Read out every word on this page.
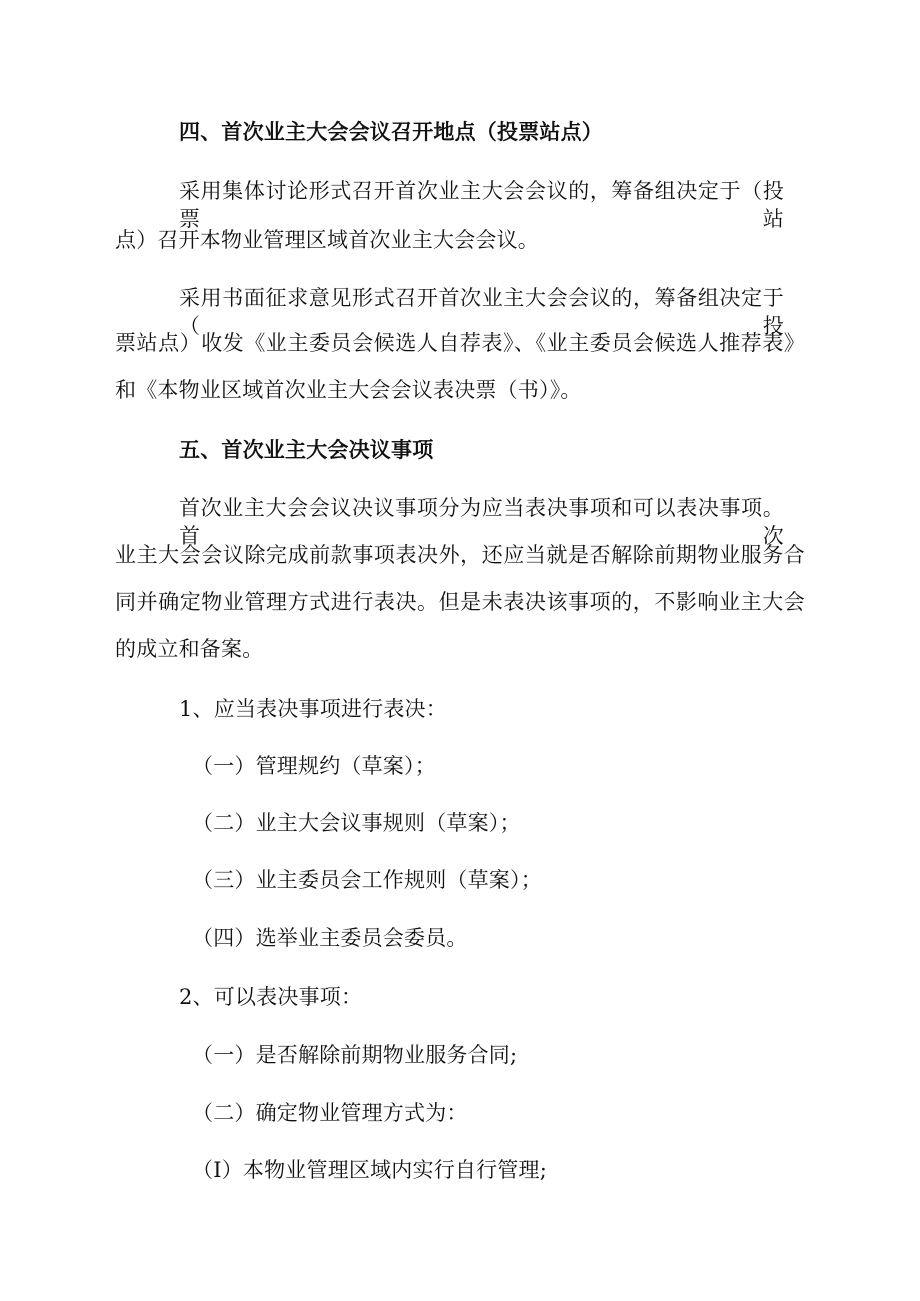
四、首次业主大会会议召开地点（投票站点）
采用集体讨论形式召开首次业主大会会议的，筹备组决定于（投票站
点）召开本物业管理区域首次业主大会会议。
采用书面征求意见形式召开首次业主大会会议的，筹备组决定于（投
票站点）收发《业主委员会候选人自荐表》、《业主委员会候选人推荐表》
和《本物业区域首次业主大会会议表决票（书）》。
五、首次业主大会决议事项
首次业主大会会议决议事项分为应当表决事项和可以表决事项。首次
业主大会会议除完成前款事项表决外，还应当就是否解除前期物业服务合
同并确定物业管理方式进行表决。但是未表决该事项的，不影响业主大会
的成立和备案。
1、应当表决事项进行表决：
（一）管理规约（草案）；
（二）业主大会议事规则（草案）；
（三）业主委员会工作规则（草案）；
（四）选举业主委员会委员。
2、可以表决事项：
（一）是否解除前期物业服务合同;
（二）确定物业管理方式为：
（I）本物业管理区域内实行自行管理;
